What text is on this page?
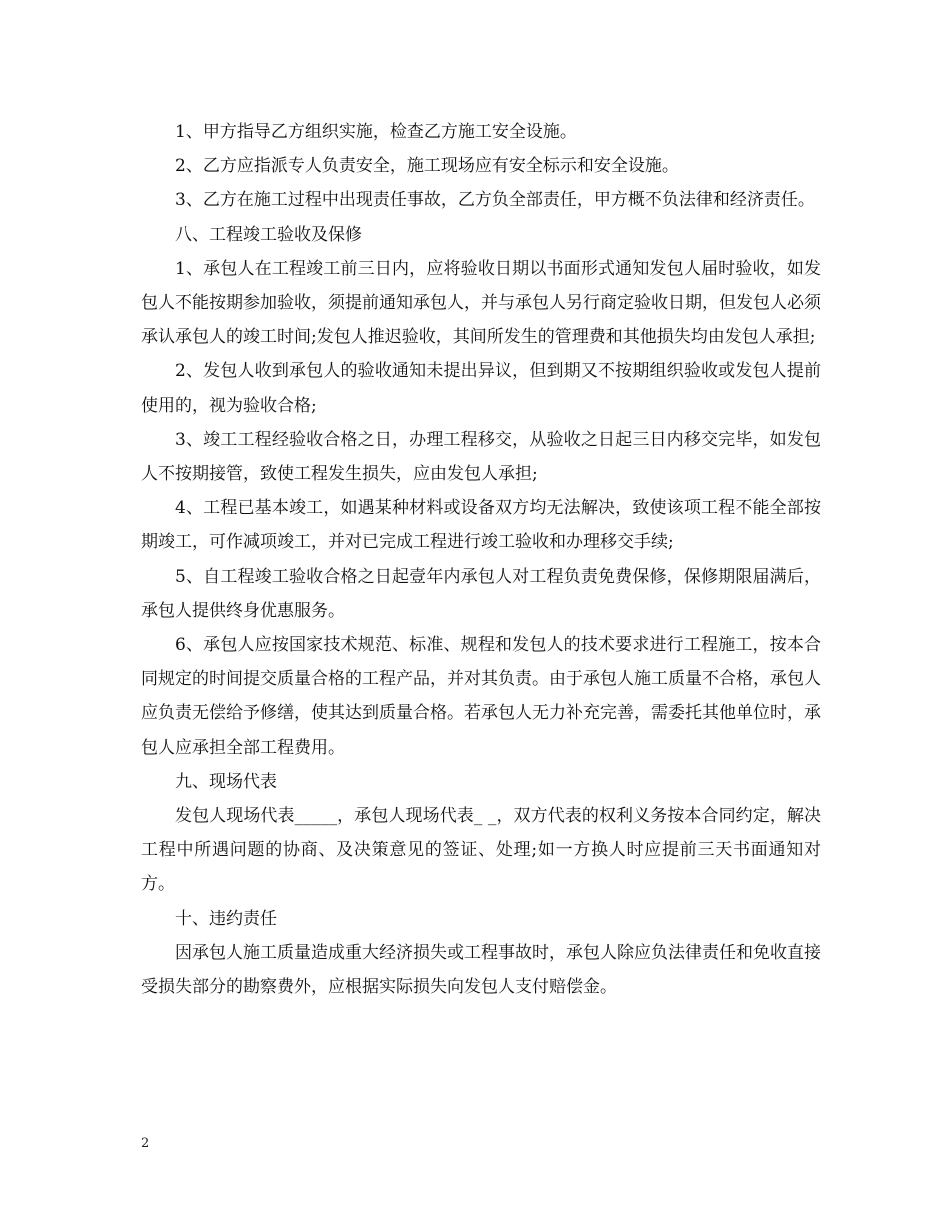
1、甲方指导乙方组织实施，检查乙方施工安全设施。

2、乙方应指派专人负责安全，施工现场应有安全标示和安全设施。

3、乙方在施工过程中出现责任事故，乙方负全部责任，甲方概不负法律和经济责任。

八、工程竣工验收及保修

1、承包人在工程竣工前三日内，应将验收日期以书面形式通知发包人届时验收，如发包人不能按期参加验收，须提前通知承包人，并与承包人另行商定验收日期，但发包人必须承认承包人的竣工时间;发包人推迟验收，其间所发生的管理费和其他损失均由发包人承担;

2、发包人收到承包人的验收通知未提出异议，但到期又不按期组织验收或发包人提前使用的，视为验收合格;

3、竣工工程经验收合格之日，办理工程移交，从验收之日起三日内移交完毕，如发包人不按期接管，致使工程发生损失，应由发包人承担;

4、工程已基本竣工，如遇某种材料或设备双方均无法解决，致使该项工程不能全部按期竣工，可作减项竣工，并对已完成工程进行竣工验收和办理移交手续;

5、自工程竣工验收合格之日起壹年内承包人对工程负责免费保修，保修期限届满后，承包人提供终身优惠服务。

6、承包人应按国家技术规范、标准、规程和发包人的技术要求进行工程施工，按本合同规定的时间提交质量合格的工程产品，并对其负责。由于承包人施工质量不合格，承包人应负责无偿给予修缮，使其达到质量合格。若承包人无力补充完善，需委托其他单位时，承包人应承担全部工程费用。

九、现场代表

发包人现场代表_____，承包人现场代表_ _，双方代表的权利义务按本合同约定，解决工程中所遇问题的协商、及决策意见的签证、处理;如一方换人时应提前三天书面通知对方。

十、违约责任

因承包人施工质量造成重大经济损失或工程事故时，承包人除应负法律责任和免收直接受损失部分的勘察费外，应根据实际损失向发包人支付赔偿金。

2
